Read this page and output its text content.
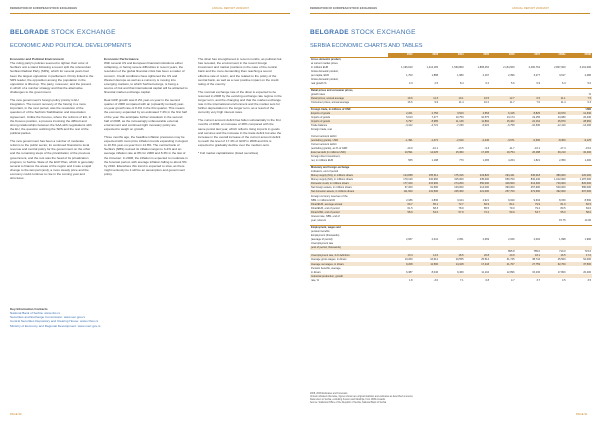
FEDERATION OF EUROPEAN STOCK EXCHANGES	ANNUAL REPORT 2006/2007
BELGRADE STOCK EXCHANGE
ECONOMIC AND POLITICAL DEVELOPMENTS

Economic and Political Environment
The ruling party's policies seemed to tighten their color of Serbia's unit a stand following a recent split the referendum Serbian Radical Party (SRS), which for several years had been the largest opposition in parliament. Firmly linked to the SRS leader, the opposition among the population in the opposition is lifted up. The party, moreover, and the present in which of a number strategy and that the alternative challenges to the government.

The new government's foreign policy priority is EU integration. The recent recovery of the having in a more important, in the next period, was the resolution of the question of of the Serbia's Stabilisation and Association Agreement. Unlike the Kosovo, where the reforms of EU, in the Kosovo position, a process involving the difficult and strong relationships between the SAA with negotiations with the EU, the question outlining the SRS and the rest of the political parties.

The new government has been a number of moderate reforms to the public sector, its continued financial to local revenue and central policy for the government on the other and the remaining steps of the privatization of the previous government, and the rest was the head of its privatization program, to Serbia. State of the ECP Plan, which is generally several to finance the areas of the region and it was a rapid change to the last part (and), a more steady price and the economy could continue to rise in the coming year and structures.

Economic Performance
With several US and European financial institutions either collapsing, or facing severe difficulties in recent years, the resolution of the global financial crisis has been a matter of concern. Credit conditions have tightened the US and Western Europe as well as a currency is moving into emerging markets, to which Serbia belongs, is being a source of risk and that international capital will be attracted to financial market exchange capital.

Real GDP growth was 8.2% year-on-year in the second quarter of 2008 compared with an (upwardly revised) year-on-year growth rate of 8.4% in the first quarter. This means the economy expanded by an estimated 7.4% in the first half of the year. We anticipate further slowdown in the second half of 2008, as the increasingly unfavourable external environment and continued tight monetary policy are expected to weigh on growth.

Three months ago, the headline inflation pressures may be expected with most price inflation trends expanding in August to 10.6% year-on-year from 14.8%. The central bank of Serbia's (NBS) revised its inflation target to 3-4% and an average inflation rate at 8% for 2008 and 8.3% in the last of the trimester. In 2008, the inflation is expected to moderate in the forecast period, with average inflation falling to about 5% by 2010. Elsewhere this trend is expected to slow, as there might seriously be it will be an assumption and government policy.

The dinar has strengthened in recent months, as political risk has receded, the environment in the recent foreign investment and market positions in the case of the central bank and the more demanding than reaching a sound effective rate of return, and the related to the policy of the central bank, as well as a new positive impact on the credit rating of the country.

The nominal exchange rate of the dinar is expected to be resumed in 2008 by the evolving exchange rate regime in the longer term, and the changing and that the market exchange rate in the international environment and the market sets for further depreciation in the longer term, as a result of the currently very high interest rates.

The current account deficit has fallen substantially in the first months of 2008, an increase of 48% compared with the same period last year, which reflects rising imports in goods and services and the increase in the trade deficit but also the increase in the overall increase of the current account deficit to reach the level of 17.4% of GDP in 2008 and this is expected to gradually decline over the medium-term.

* Full market capitalization (listed securities)

Key Information Contacts
National Bank of Serbia: www.nbs.rs
Securities and Exchange Commission: www.sec.gov.rs
Central Securities Depository and Clearing House: www.crhov.rs
Ministry of Economy and Regional Development: www.merr.gov.rs
PAGE 90
FEDERATION OF EUROPEAN STOCK EXCHANGES	ANNUAL REPORT 2006/2007
BELGRADE STOCK EXCHANGE
SERBIA ECONOMIC CHARTS AND TABLES
	2002	2003	2004	2005	2006	2007	2008e	2009f
Gross domestic product,								
at current market prices								
in millions EUR	1,196,910	1,414,165	1,560,800	1,883,452	2,134,600	2,460,764	2,807,000	3,161,000
Gross domestic product,								
per capita, EUR	1,700	1,888	1,980	2,197	2,396	3,277	3,617	4,280
Gross domestic product,								
real growth %	4.3	2.5	8.4	6.2	5.6	6.9	6.3	5.0

Retail prices and consumer prices,								
growth rates								%
Retail prices, annual average	19.6	11.3	10.1	16.5	12.7	6.5	11.1	7.5
Consumer prices, annual average	16.6	9.9	11.4	16.2	11.7	7.0	11.4	6.3

Foreign trade, in millions of USD								USD
Exports of goods	2,201	2,756	3,523	4,553	6,415	8,825	10,970	12,330
Imports of goods	5,613	7,477	10,753	10,575	13,174	19,155	23,080	26,430
Imports of goods	6,797	8,985	11,139	11,892	15,462	22,164	25,870	28,960
Trade balance	-3,412	-4,721	-7,230	-6,022	-6,759	-10,330	-12,110	-14,100
Foreign trade, real								

Current account deficit								
(excluding grants), USD	-1,391	-1,472	-2,620	-2,446	-3,671	-6,300	-8,300	-9,125
Current account deficit								
(excluding grants), as % of GDP	-10.0	-10.1	-13.5	-9.3	-11.7	-16.1	-17.4	-15.0
External debt (in millions USD)	10,591	14,025	15,360	17,295	19,754	26,288	30,210	32,400
Foreign direct investment,								
net, in millions EUR	565	1,198	773	1,265	4,264	1,821	2,350	1,400

Monetary and foreign exchange								
indicators, end of period								
Money supply (M1), in millions dinars	124,838	155,512	175,316	219,820	294,441	336,018	380,000	420,000
Money supply (M2), in millions dinars	179,140	232,960	315,000	435,000	650,700	832,240	1,012,000	1,187,000
Domestic credit, in millions dinars	177,100	215,900	274,200	350,000	429,600	614,300	720,000	820,000
Net foreign assets, in millions dinars	67,200	91,500	103,000	214,000	393,000	457,600	520,000	580,000
Net domestic assets, in millions dinars	111,600	131,500	205,400	221,000	257,700	374,600	492,000	607,000
Foreign currency reserves of the								
NBS, in millions EUR	2,186	2,836	3,104	4,921	9,020	9,634	8,150	8,500
Dinar/EUR, average annual	60.7	65.1	72.7	82.9	84.1	79.9	81.0	82.5
Dinar/EUR, end of period	61.5	68.3	78.9	85.5	79.0	79.2	80.5	84.0
Dinar/USD, end of period	58.9	54.6	57.9	72.2	59.9	53.7	55.0	58.0
Interest rate, NBS, end of								
year, referent							15.75	14.00

Employment, wages and								
pension benefits								
Employment (thousands)								
(average of period)	2,067	2,041	2,051	2,069	2,026	2,002	1,998	1,990
Unemployment rate								
(end of period, thousands)								
					895.8	785.0	710.0	715.0
Unemployment rate, ILO definition	13.3	14.6	18.5	20.8	20.9	18.1	16.5	17.0
Average gross wages, in dinars	13,260	16,612	20,555	25,514	31,745	38,744	45,500	52,000
Average net wages, in dinars	9,208	11,500	14,108	17,443	21,707	27,759	32,700	37,500
Pension benefits, average,								
in dinars	6,387	8,046	9,469	11,104	12,896	15,236	17,800	20,400
Industrial production, growth								
rate, %	1.8	-3.0	7.1	0.8	4.7	3.7	4.5	3.5
2008, 2009 Estimates and Forecasts
Unless indicated otherwise, figures shown are original statistics and estimates as described at source
Data refers to Serbia, excluding Kosovo and Metohija, from 1999 onwards
Source: Statistical Office of the Republic of Serbia, National Bank of Serbia
PAGE 91
